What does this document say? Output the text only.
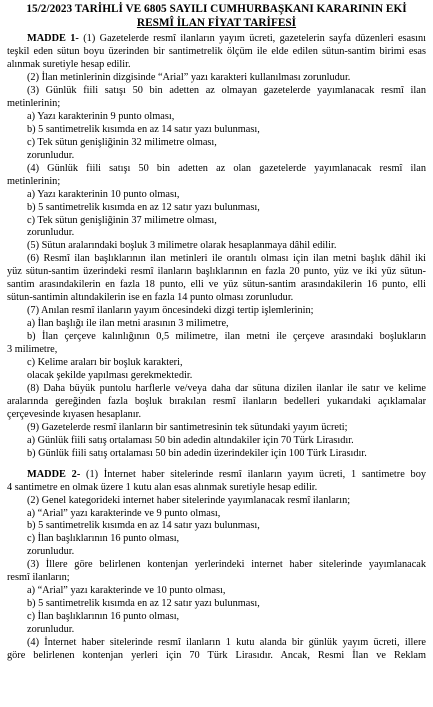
15/2/2023 TARİHLİ VE 6805 SAYILI CUMHURBAŞKANI KARARININ EKİ

RESMÎ İLAN FİYAT TARİFESİ

MADDE 1- (1) Gazetelerde resmî ilanların yayım ücreti, gazetelerin sayfa düzenleri esasını

teşkil eden sütun boyu üzerinden bir santimetrelik ölçüm ile elde edilen sütun-santim birimi esas

alınmak suretiyle hesap edilir.

(2) İlan metinlerinin dizgisinde “Arial” yazı karakteri kullanılması zorunludur.

(3) Günlük fiili satışı 50 bin adetten az olmayan gazetelerde yayımlanacak resmî ilan

metinlerinin;

a) Yazı karakterinin 9 punto olması,

b) 5 santimetrelik kısımda en az 14 satır yazı bulunması,

c) Tek sütun genişliğinin 32 milimetre olması,

zorunludur.

(4) Günlük fiili satışı 50 bin adetten az olan gazetelerde yayımlanacak resmî ilan

metinlerinin;

a) Yazı karakterinin 10 punto olması,

b) 5 santimetrelik kısımda en az 12 satır yazı bulunması,

c) Tek sütun genişliğinin 37 milimetre olması,

zorunludur.

(5) Sütun aralarındaki boşluk 3 milimetre olarak hesaplanmaya dâhil edilir.

(6) Resmî ilan başlıklarının ilan metinleri ile orantılı olması için ilan metni başlık dâhil iki

yüz sütun-santim üzerindeki resmî ilanların başlıklarının en fazla 20 punto, yüz ve iki yüz sütun-

santim arasındakilerin en fazla 18 punto, elli ve yüz sütun-santim arasındakilerin 16 punto, elli

sütun-santimin altındakilerin ise en fazla 14 punto olması zorunludur.

(7) Anılan resmî ilanların yayım öncesindeki dizgi tertip işlemlerinin;

a) İlan başlığı ile ilan metni arasının 3 milimetre,

b) İlan çerçeve kalınlığının 0,5 milimetre, ilan metni ile çerçeve arasındaki boşlukların

3 milimetre,

c) Kelime araları bir boşluk karakteri,

olacak şekilde yapılması gerekmektedir.

(8) Daha büyük puntolu harflerle ve/veya daha dar sütuna dizilen ilanlar ile satır ve kelime

aralarında gereğinden fazla boşluk bırakılan resmî ilanların bedelleri yukarıdaki açıklamalar

çerçevesinde kıyasen hesaplanır.

(9) Gazetelerde resmî ilanların bir santimetresinin tek sütundaki yayım ücreti;

a) Günlük fiili satış ortalaması 50 bin adedin altındakiler için 70 Türk Lirasıdır.

b) Günlük fiili satış ortalaması 50 bin adedin üzerindekiler için 100 Türk Lirasıdır.

MADDE 2- (1) İnternet haber sitelerinde resmî ilanların yayım ücreti, 1 santimetre boy

4 santimetre en olmak üzere 1 kutu alan esas alınmak suretiyle hesap edilir.

(2) Genel kategorideki internet haber sitelerinde yayımlanacak resmî ilanların;

a) “Arial” yazı karakterinde ve 9 punto olması,

b) 5 santimetrelik kısımda en az 14 satır yazı bulunması,

c) İlan başlıklarının 16 punto olması,

zorunludur.

(3) İllere göre belirlenen kontenjan yerlerindeki internet haber sitelerinde yayımlanacak

resmî ilanların;

a) “Arial” yazı karakterinde ve 10 punto olması,

b) 5 santimetrelik kısımda en az 12 satır yazı bulunması,

c) İlan başlıklarının 16 punto olması,

zorunludur.

(4) İnternet haber sitelerinde resmî ilanların 1 kutu alanda bir günlük yayım ücreti, illere

göre belirlenen kontenjan yerleri için 70 Türk Lirasıdır. Ancak, Resmi İlan ve Reklam
